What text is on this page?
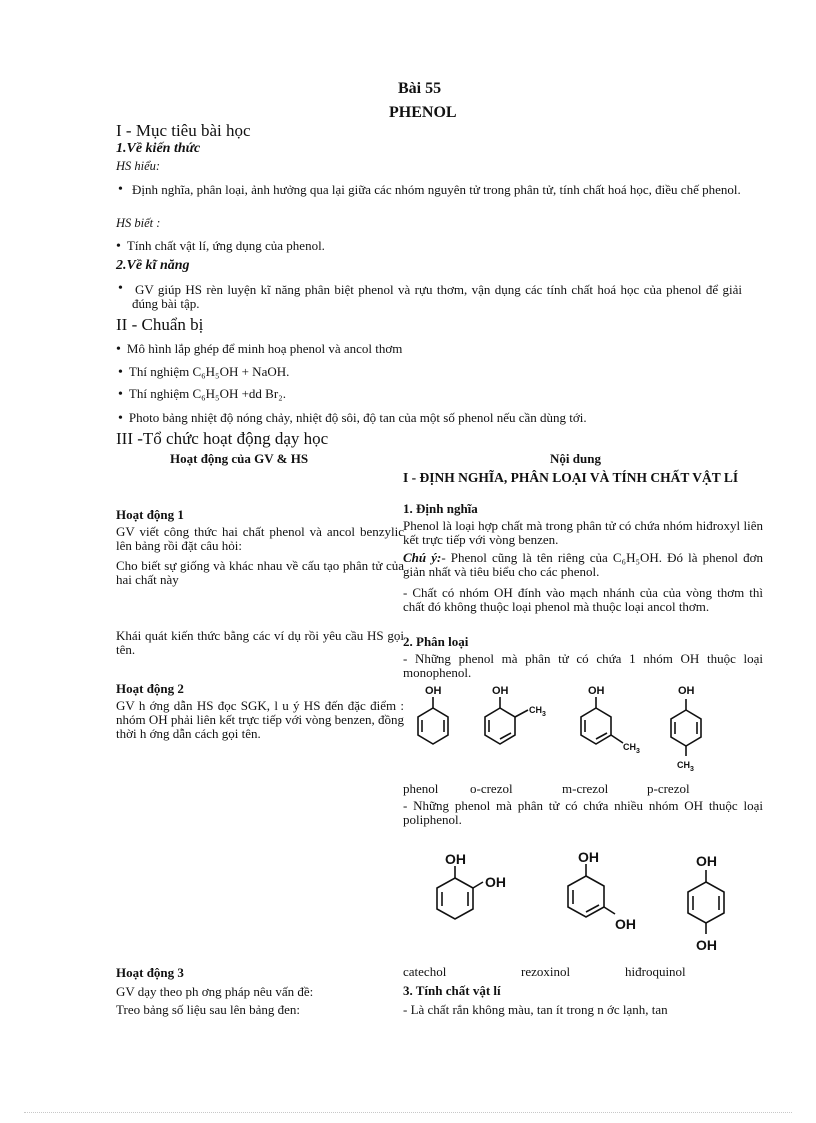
Bài 55
PHENOL
I - Mục tiêu bài học
1.Về kiến thức
HS hiểu:
• Định nghĩa, phân loại, ảnh hưởng qua lại giữa các nhóm nguyên tử trong phân tử, tính chất hoá học, điều chế phenol.
HS biết :
• Tính chất vật lí, ứng dụng của phenol.
2.Về kĩ năng
• GV giúp HS rèn luyện kĩ năng phân biệt phenol và rựu thơm, vận dụng các tính chất hoá học của phenol để giải đúng bài tập.
II - Chuẩn bị
• Mô hình lắp ghép để minh hoạ phenol và ancol thơm
• Thí nghiệm C₆H₅OH + NaOH.
• Thí nghiệm C₆H₅OH +dd Br₂.
• Photo bảng nhiệt độ nóng chảy, nhiệt độ sôi, độ tan của một số phenol nếu cần dùng tới.
III -Tổ chức hoạt động dạy học
Hoạt động của GV & HS	Nội dung
Hoạt động 1
GV viết công thức hai chất phenol và ancol benzylic lên bảng rồi đặt câu hỏi:
Cho biết sự giống và khác nhau về cấu tạo phân tử của hai chất này
Khái quát kiến thức bằng các ví dụ rồi yêu cầu HS gọi tên.
Hoạt động 2
GV h ớng dẫn HS đọc SGK, l u ý HS đến đặc điểm : nhóm OH phải liên kết trực tiếp với vòng benzen, đồng thời h ớng dẫn cách gọi tên.
Hoạt động 3
GV dạy theo ph ơng pháp nêu vấn đề:
Treo bảng số liệu sau lên bảng đen:
I - ĐỊNH NGHĨA, PHÂN LOẠI VÀ TÍNH CHẤT VẬT LÍ
1. Định nghĩa
Phenol là loại hợp chất mà trong phân tử có chứa nhóm hiđroxyl liên kết trực tiếp với vòng benzen.
Chú ý:- Phenol cũng là tên riêng của C₆H₅OH. Đó là phenol đơn giản nhất và tiêu biểu cho các phenol.
- Chất có nhóm OH đính vào mạch nhánh của của vòng thơm thì chất đó không thuộc loại phenol mà thuộc loại ancol thơm.
2. Phân loại
- Những phenol mà phân tử có chứa 1 nhóm OH thuộc loại monophenol.
OH	OH
$CH_3$
OH
$CH_3$
OH
$CH_3$
phenol o-crezol	m-crezol	p-crezol
- Những phenol mà phân tử có chứa nhiều nhóm OH thuộc loại poliphenol.
OH
OH
OH
OH
OH
OH
catechol	rezoxinol	hiđroquinol
3. Tính chất vật lí
- Là chất rắn không màu, tan ít trong n ớc lạnh, tan
